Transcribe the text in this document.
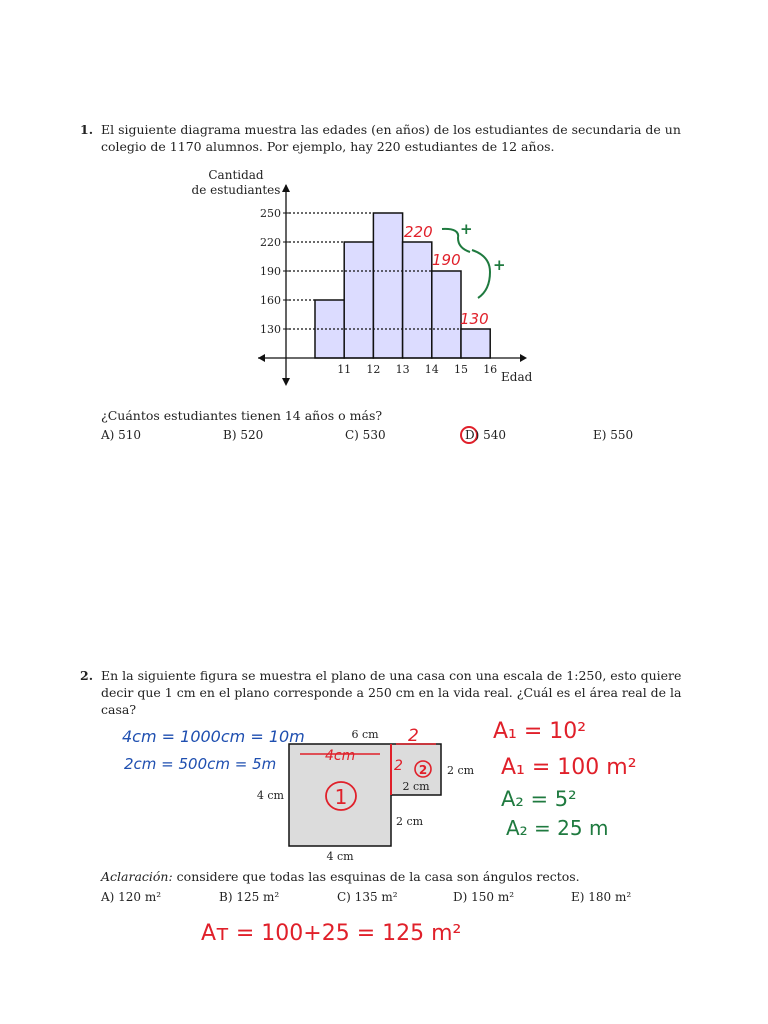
1. El siguiente diagrama muestra las edades (en años) de los estudiantes de secundaria de un
colegio de 1170 alumnos. Por ejemplo, hay 220 estudiantes de 12 años.
Cantidad
de estudiantes
Edad
11 12 13 14 15 16
250
220
190
160
130
220
190
130
+
+
¿Cuántos estudiantes tienen 14 años o más?
A) 510	B) 520	C) 530	D) 540	E) 550
2. En la siguiente figura se muestra el plano de una casa con una escala de 1:250, esto quiere
decir que 1 cm en el plano corresponde a 250 cm en la vida real. ¿Cuál es el área real de la
casa?
6 cm
4 cm
4 cm
2 cm
2 cm
2 cm
4cm
2
2 2
1
4cm = 1000cm = 10m
2cm = 500cm = 5m
A₁ = 10²
A₁ = 100 m²
A₂ = 5²
A₂ = 25 m
Aᴛ = 100+25 = 125 m²
Aclaración: considere que todas las esquinas de la casa son ángulos rectos.
A) 120 m²	B) 125 m²	C) 135 m²	D) 150 m²	E) 180 m²
